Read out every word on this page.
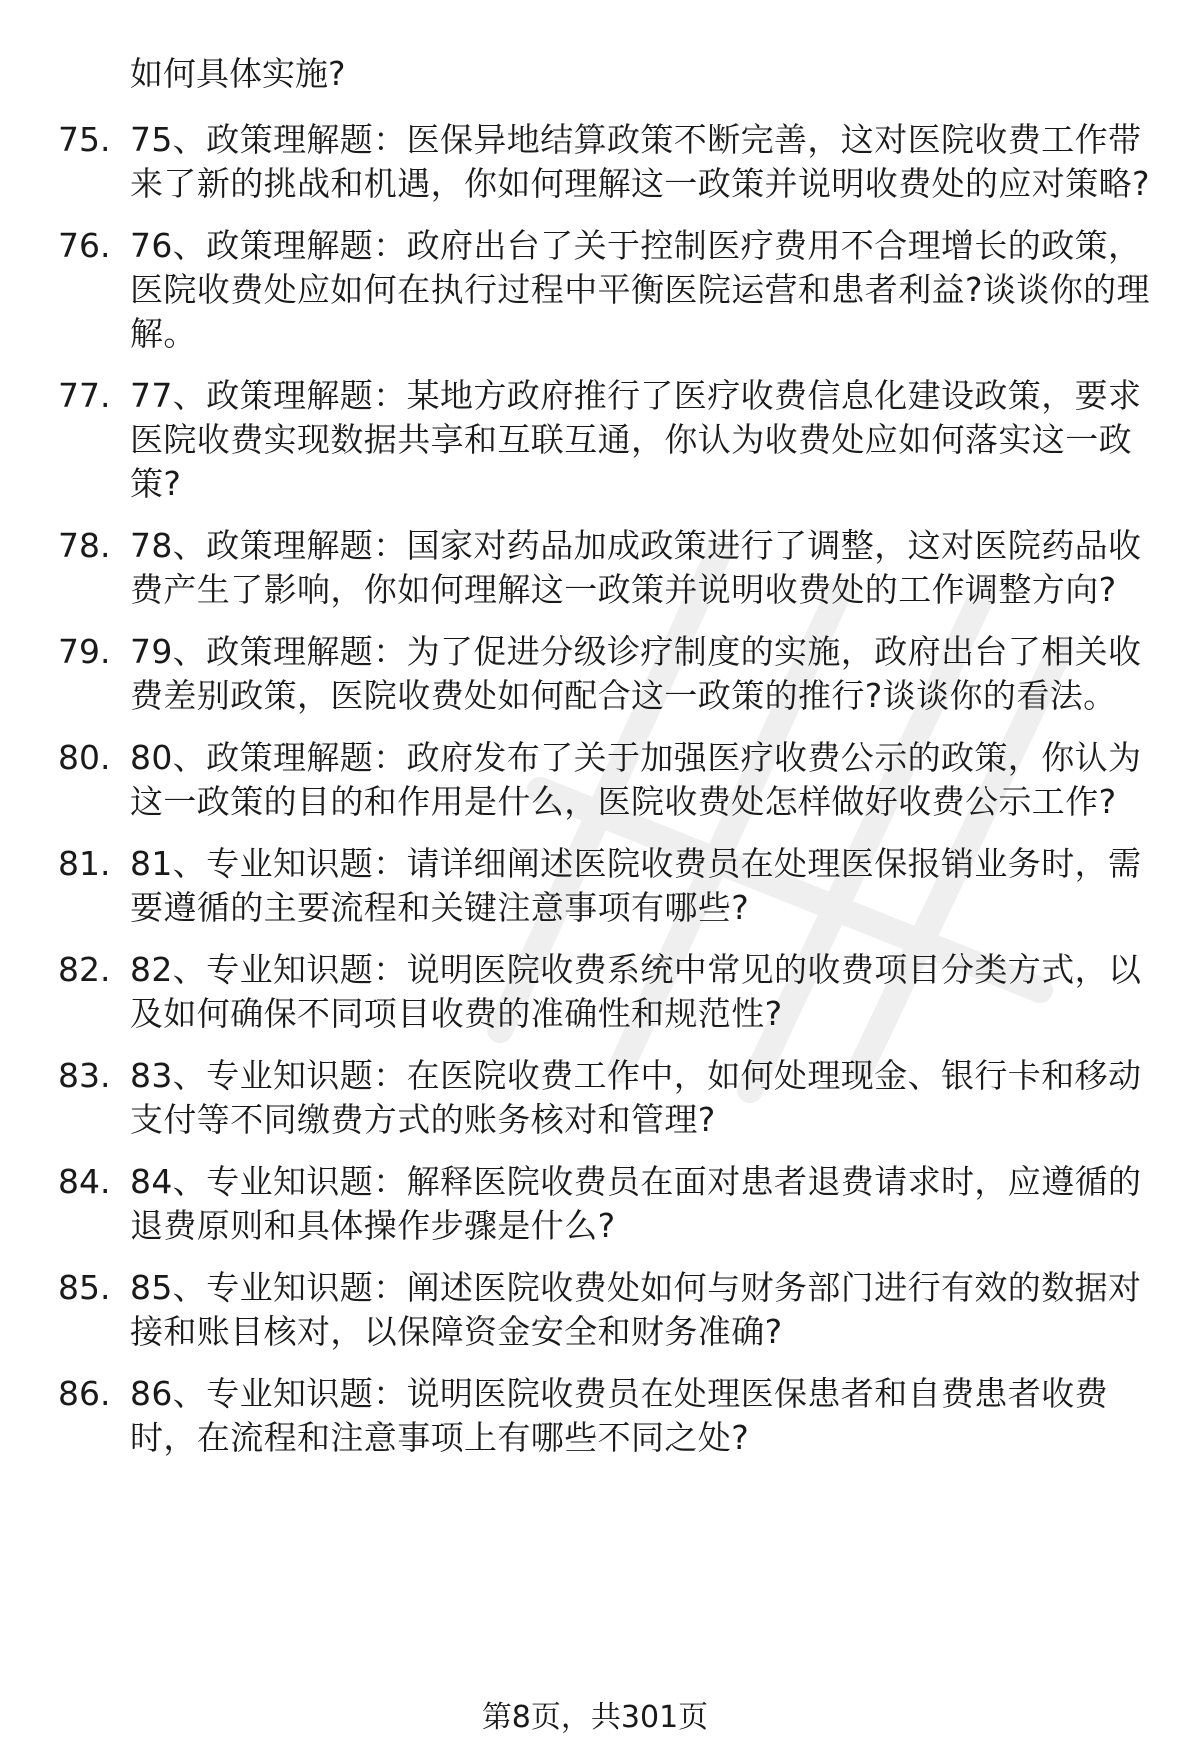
如何具体实施?

75. 75、政策理解题：医保异地结算政策不断完善，这对医院收费工作带来了新的挑战和机遇，你如何理解这一政策并说明收费处的应对策略?
76. 76、政策理解题：政府出台了关于控制医疗费用不合理增长的政策，医院收费处应如何在执行过程中平衡医院运营和患者利益?谈谈你的理解。
77. 77、政策理解题：某地方政府推行了医疗收费信息化建设政策，要求医院收费实现数据共享和互联互通，你认为收费处应如何落实这一政策?
78. 78、政策理解题：国家对药品加成政策进行了调整，这对医院药品收费产生了影响，你如何理解这一政策并说明收费处的工作调整方向?
79. 79、政策理解题：为了促进分级诊疗制度的实施，政府出台了相关收费差别政策，医院收费处如何配合这一政策的推行?谈谈你的看法。
80. 80、政策理解题：政府发布了关于加强医疗收费公示的政策，你认为这一政策的目的和作用是什么，医院收费处怎样做好收费公示工作?
81. 81、专业知识题：请详细阐述医院收费员在处理医保报销业务时，需要遵循的主要流程和关键注意事项有哪些?
82. 82、专业知识题：说明医院收费系统中常见的收费项目分类方式，以及如何确保不同项目收费的准确性和规范性?
83. 83、专业知识题：在医院收费工作中，如何处理现金、银行卡和移动支付等不同缴费方式的账务核对和管理?
84. 84、专业知识题：解释医院收费员在面对患者退费请求时，应遵循的退费原则和具体操作步骤是什么?
85. 85、专业知识题：阐述医院收费处如何与财务部门进行有效的数据对接和账目核对，以保障资金安全和财务准确?
86. 86、专业知识题：说明医院收费员在处理医保患者和自费患者收费时，在流程和注意事项上有哪些不同之处?
第8页，共301页
